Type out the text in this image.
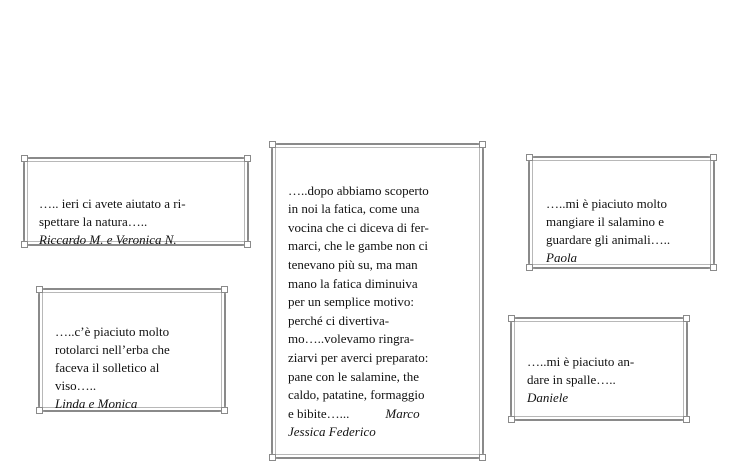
….. ieri ci avete aiutato a ri-
spettare la natura…..
Riccardo M. e Veronica N.

…..c’è piaciuto molto
rotolarci nell’erba che
faceva il solletico al
viso…..
Linda e Monica

…..dopo abbiamo scoperto
in noi la fatica, come una
vocina che ci diceva di fer-
marci, che le gambe non ci
tenevano più su, ma man
mano la fatica diminuiva
per un semplice motivo:
perché ci divertiva-
mo…..volevamo ringra-
ziarvi per averci preparato:
pane con le salamine, the
caldo, patatine, formaggio
e bibite…...	Marco
Jessica Federico

…..mi è piaciuto molto
mangiare il salamino e
guardare gli animali…..
Paola

…..mi è piaciuto an-
dare in spalle…..
Daniele
